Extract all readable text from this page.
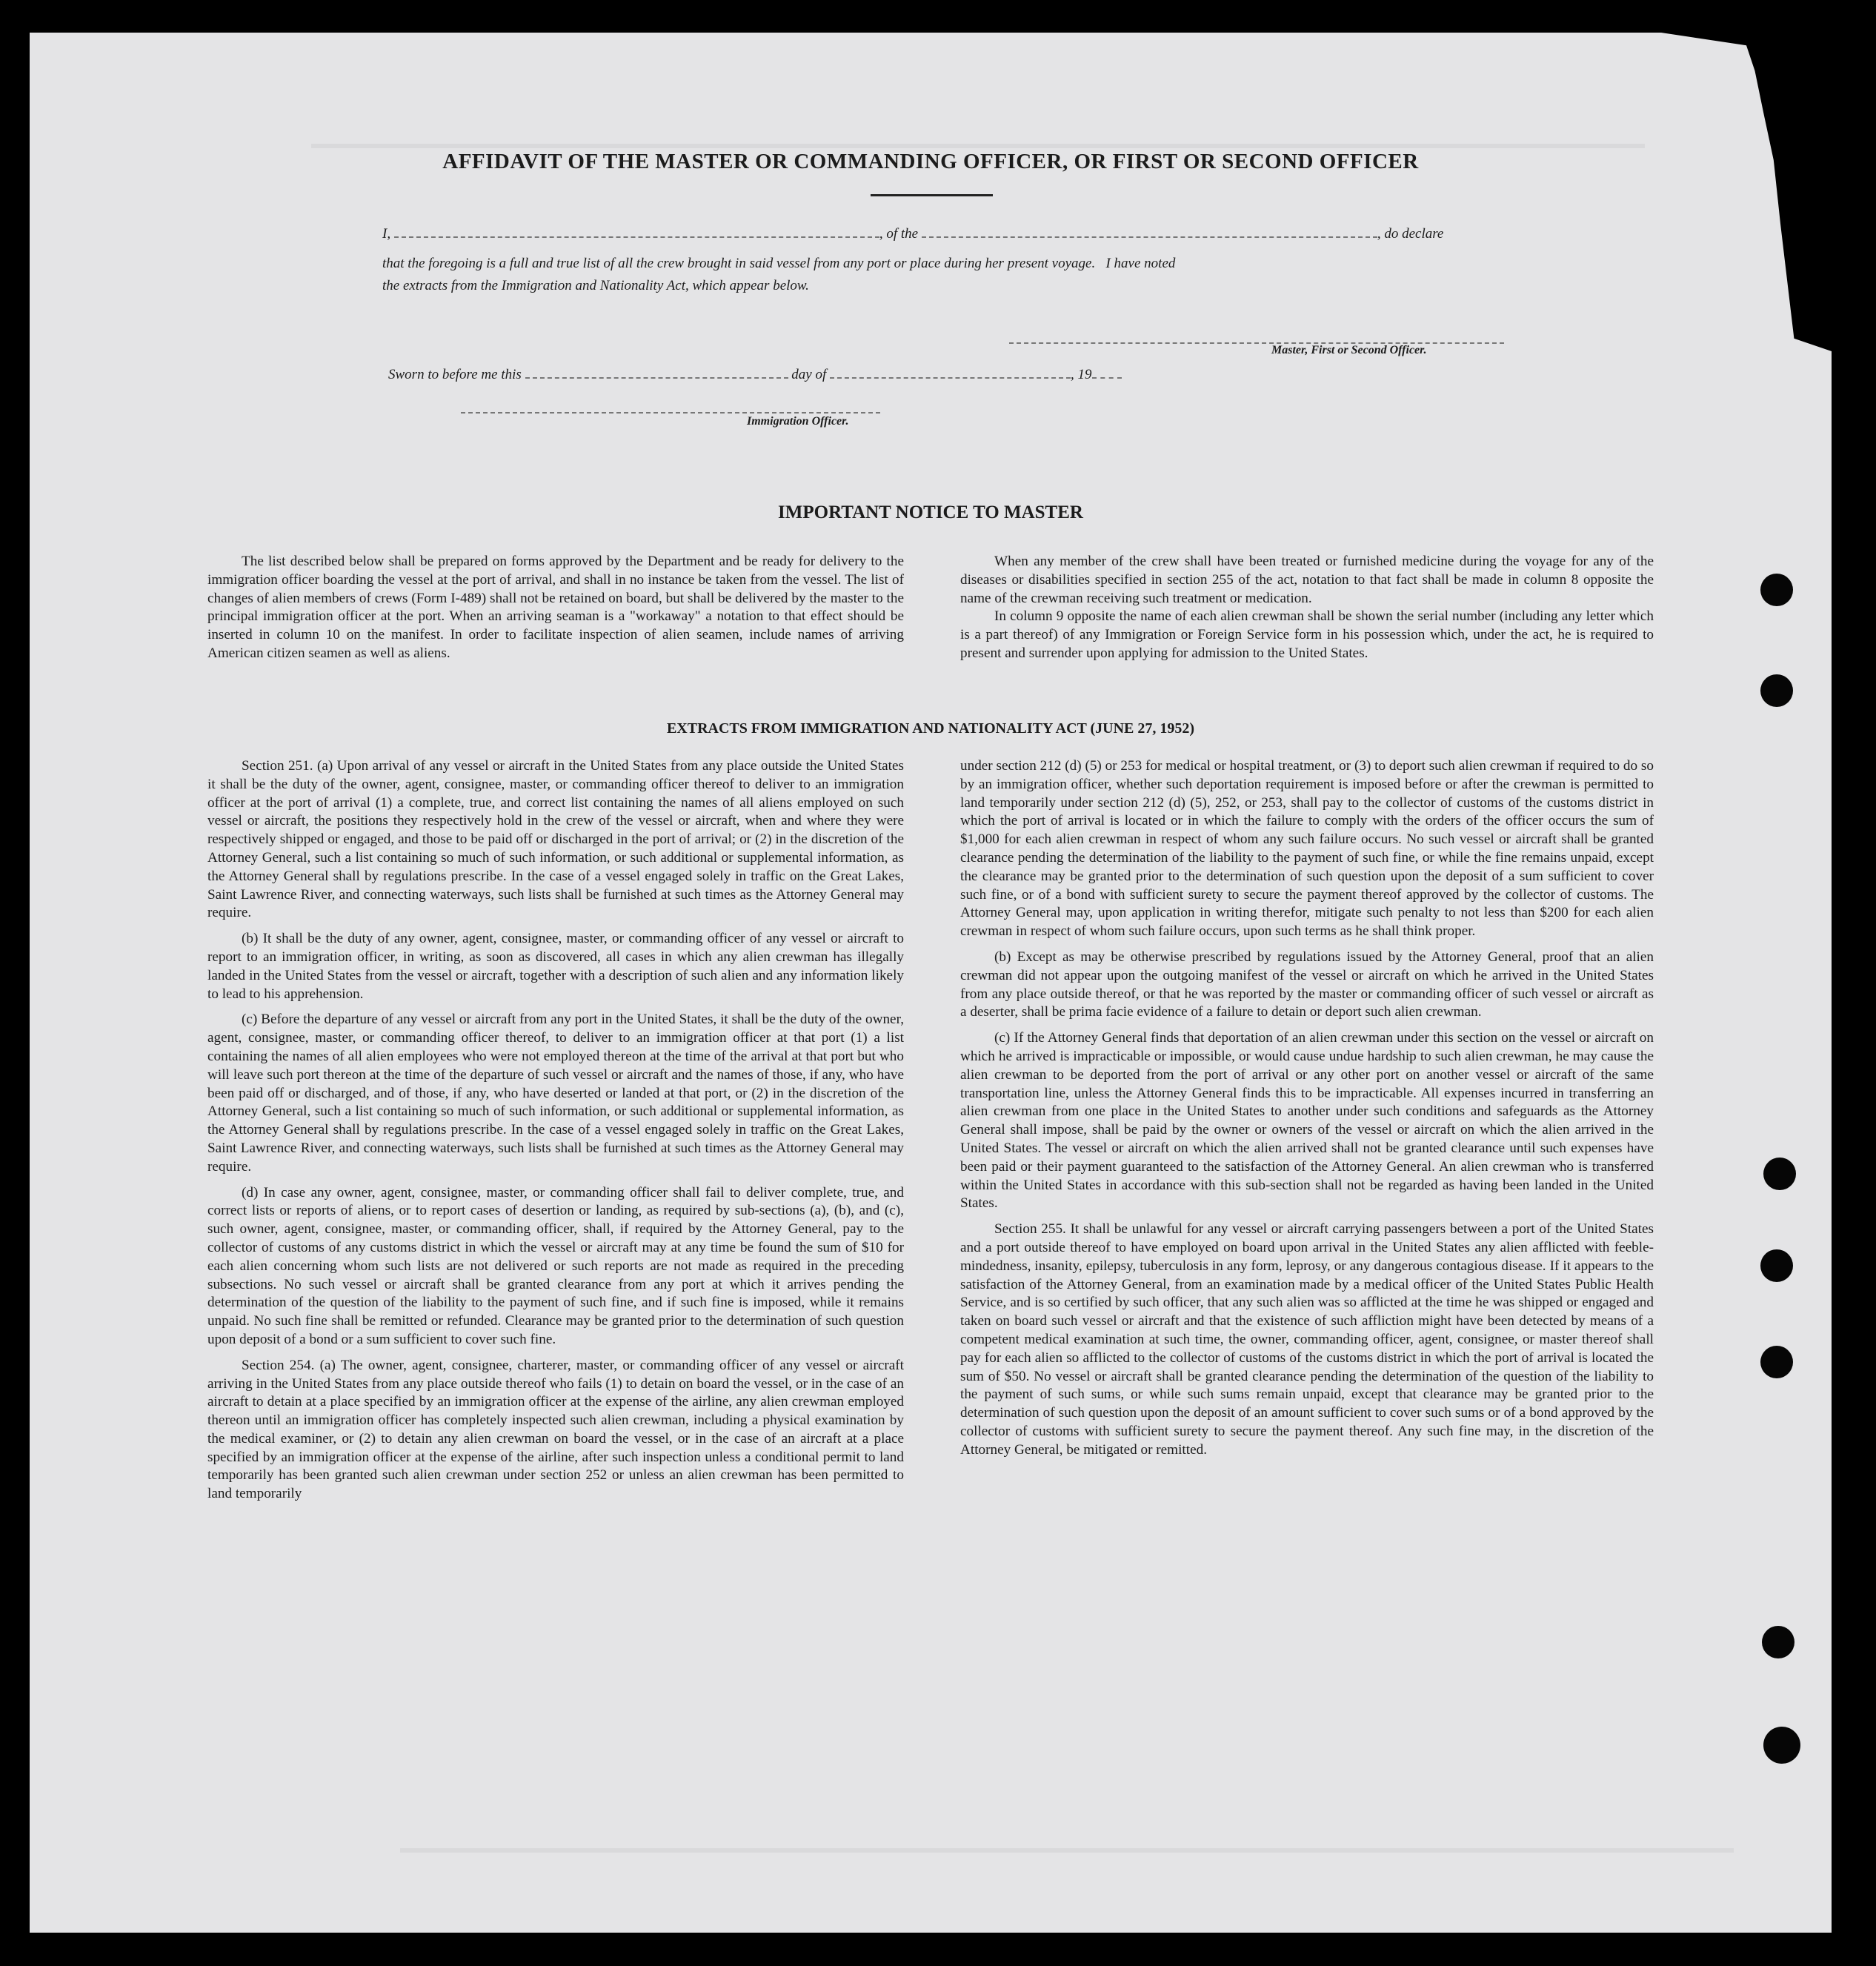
AFFIDAVIT OF THE MASTER OR COMMANDING OFFICER, OR FIRST OR SECOND OFFICER
I,	, of the	, do declare
that the foregoing is a full and true list of all the crew brought in said vessel from any port or place during her present voyage.   I have noted
the extracts from the Immigration and Nationality Act, which appear below.
Master, First or Second Officer.
Sworn to before me this	day of	, 19
Immigration Officer.
IMPORTANT NOTICE TO MASTER

The list described below shall be prepared on forms approved by the Department and be ready for delivery to the immigration officer boarding the vessel at the port of arrival, and shall in no instance be taken from the vessel. The list of changes of alien members of crews (Form I-489) shall not be retained on board, but shall be delivered by the master to the principal immigration officer at the port. When an arriving seaman is a "workaway" a notation to that effect should be inserted in column 10 on the manifest. In order to facilitate inspection of alien seamen, include names of arriving American citizen seamen as well as aliens.

When any member of the crew shall have been treated or furnished medicine during the voyage for any of the diseases or disabilities specified in section 255 of the act, notation to that fact shall be made in column 8 opposite the name of the crewman receiving such treatment or medication.

In column 9 opposite the name of each alien crewman shall be shown the serial number (including any letter which is a part thereof) of any Immigration or Foreign Service form in his possession which, under the act, he is required to present and surrender upon applying for admission to the United States.

EXTRACTS FROM IMMIGRATION AND NATIONALITY ACT (JUNE 27, 1952)

Section 251. (a) Upon arrival of any vessel or aircraft in the United States from any place outside the United States it shall be the duty of the owner, agent, consignee, master, or commanding officer thereof to deliver to an immigration officer at the port of arrival (1) a complete, true, and correct list containing the names of all aliens employed on such vessel or aircraft, the positions they respectively hold in the crew of the vessel or aircraft, when and where they were respectively shipped or engaged, and those to be paid off or discharged in the port of arrival; or (2) in the discretion of the Attorney General, such a list containing so much of such information, or such additional or supplemental information, as the Attorney General shall by regulations prescribe. In the case of a vessel engaged solely in traffic on the Great Lakes, Saint Lawrence River, and connecting waterways, such lists shall be furnished at such times as the Attorney General may require.

(b) It shall be the duty of any owner, agent, consignee, master, or commanding officer of any vessel or aircraft to report to an immigration officer, in writing, as soon as discovered, all cases in which any alien crewman has illegally landed in the United States from the vessel or aircraft, together with a description of such alien and any information likely to lead to his apprehension.

(c) Before the departure of any vessel or aircraft from any port in the United States, it shall be the duty of the owner, agent, consignee, master, or commanding officer thereof, to deliver to an immigration officer at that port (1) a list containing the names of all alien employees who were not employed thereon at the time of the arrival at that port but who will leave such port thereon at the time of the departure of such vessel or aircraft and the names of those, if any, who have been paid off or discharged, and of those, if any, who have deserted or landed at that port, or (2) in the discretion of the Attorney General, such a list containing so much of such information, or such additional or supplemental information, as the Attorney General shall by regulations prescribe. In the case of a vessel engaged solely in traffic on the Great Lakes, Saint Lawrence River, and connecting waterways, such lists shall be furnished at such times as the Attorney General may require.

(d) In case any owner, agent, consignee, master, or commanding officer shall fail to deliver complete, true, and correct lists or reports of aliens, or to report cases of desertion or landing, as required by sub-sections (a), (b), and (c), such owner, agent, consignee, master, or commanding officer, shall, if required by the Attorney General, pay to the collector of customs of any customs district in which the vessel or aircraft may at any time be found the sum of $10 for each alien concerning whom such lists are not delivered or such reports are not made as required in the preceding subsections. No such vessel or aircraft shall be granted clearance from any port at which it arrives pending the determination of the question of the liability to the payment of such fine, and if such fine is imposed, while it remains unpaid. No such fine shall be remitted or refunded. Clearance may be granted prior to the determination of such question upon deposit of a bond or a sum sufficient to cover such fine.

Section 254. (a) The owner, agent, consignee, charterer, master, or commanding officer of any vessel or aircraft arriving in the United States from any place outside thereof who fails (1) to detain on board the vessel, or in the case of an aircraft to detain at a place specified by an immigration officer at the expense of the airline, any alien crewman employed thereon until an immigration officer has completely inspected such alien crewman, including a physical examination by the medical examiner, or (2) to detain any alien crewman on board the vessel, or in the case of an aircraft at a place specified by an immigration officer at the expense of the airline, after such inspection unless a conditional permit to land temporarily has been granted such alien crewman under section 252 or unless an alien crewman has been permitted to land temporarily

under section 212 (d) (5) or 253 for medical or hospital treatment, or (3) to deport such alien crewman if required to do so by an immigration officer, whether such deportation requirement is imposed before or after the crewman is permitted to land temporarily under section 212 (d) (5), 252, or 253, shall pay to the collector of customs of the customs district in which the port of arrival is located or in which the failure to comply with the orders of the officer occurs the sum of $1,000 for each alien crewman in respect of whom any such failure occurs. No such vessel or aircraft shall be granted clearance pending the determination of the liability to the payment of such fine, or while the fine remains unpaid, except the clearance may be granted prior to the determination of such question upon the deposit of a sum sufficient to cover such fine, or of a bond with sufficient surety to secure the payment thereof approved by the collector of customs. The Attorney General may, upon application in writing therefor, mitigate such penalty to not less than $200 for each alien crewman in respect of whom such failure occurs, upon such terms as he shall think proper.

(b) Except as may be otherwise prescribed by regulations issued by the Attorney General, proof that an alien crewman did not appear upon the outgoing manifest of the vessel or aircraft on which he arrived in the United States from any place outside thereof, or that he was reported by the master or commanding officer of such vessel or aircraft as a deserter, shall be prima facie evidence of a failure to detain or deport such alien crewman.

(c) If the Attorney General finds that deportation of an alien crewman under this section on the vessel or aircraft on which he arrived is impracticable or impossible, or would cause undue hardship to such alien crewman, he may cause the alien crewman to be deported from the port of arrival or any other port on another vessel or aircraft of the same transportation line, unless the Attorney General finds this to be impracticable. All expenses incurred in transferring an alien crewman from one place in the United States to another under such conditions and safeguards as the Attorney General shall impose, shall be paid by the owner or owners of the vessel or aircraft on which the alien arrived in the United States. The vessel or aircraft on which the alien arrived shall not be granted clearance until such expenses have been paid or their payment guaranteed to the satisfaction of the Attorney General. An alien crewman who is transferred within the United States in accordance with this sub-section shall not be regarded as having been landed in the United States.

Section 255. It shall be unlawful for any vessel or aircraft carrying passengers between a port of the United States and a port outside thereof to have employed on board upon arrival in the United States any alien afflicted with feeble-mindedness, insanity, epilepsy, tuberculosis in any form, leprosy, or any dangerous contagious disease. If it appears to the satisfaction of the Attorney General, from an examination made by a medical officer of the United States Public Health Service, and is so certified by such officer, that any such alien was so afflicted at the time he was shipped or engaged and taken on board such vessel or aircraft and that the existence of such affliction might have been detected by means of a competent medical examination at such time, the owner, commanding officer, agent, consignee, or master thereof shall pay for each alien so afflicted to the collector of customs of the customs district in which the port of arrival is located the sum of $50. No vessel or aircraft shall be granted clearance pending the determination of the question of the liability to the payment of such sums, or while such sums remain unpaid, except that clearance may be granted prior to the determination of such question upon the deposit of an amount sufficient to cover such sums or of a bond approved by the collector of customs with sufficient surety to secure the payment thereof. Any such fine may, in the discretion of the Attorney General, be mitigated or remitted.
